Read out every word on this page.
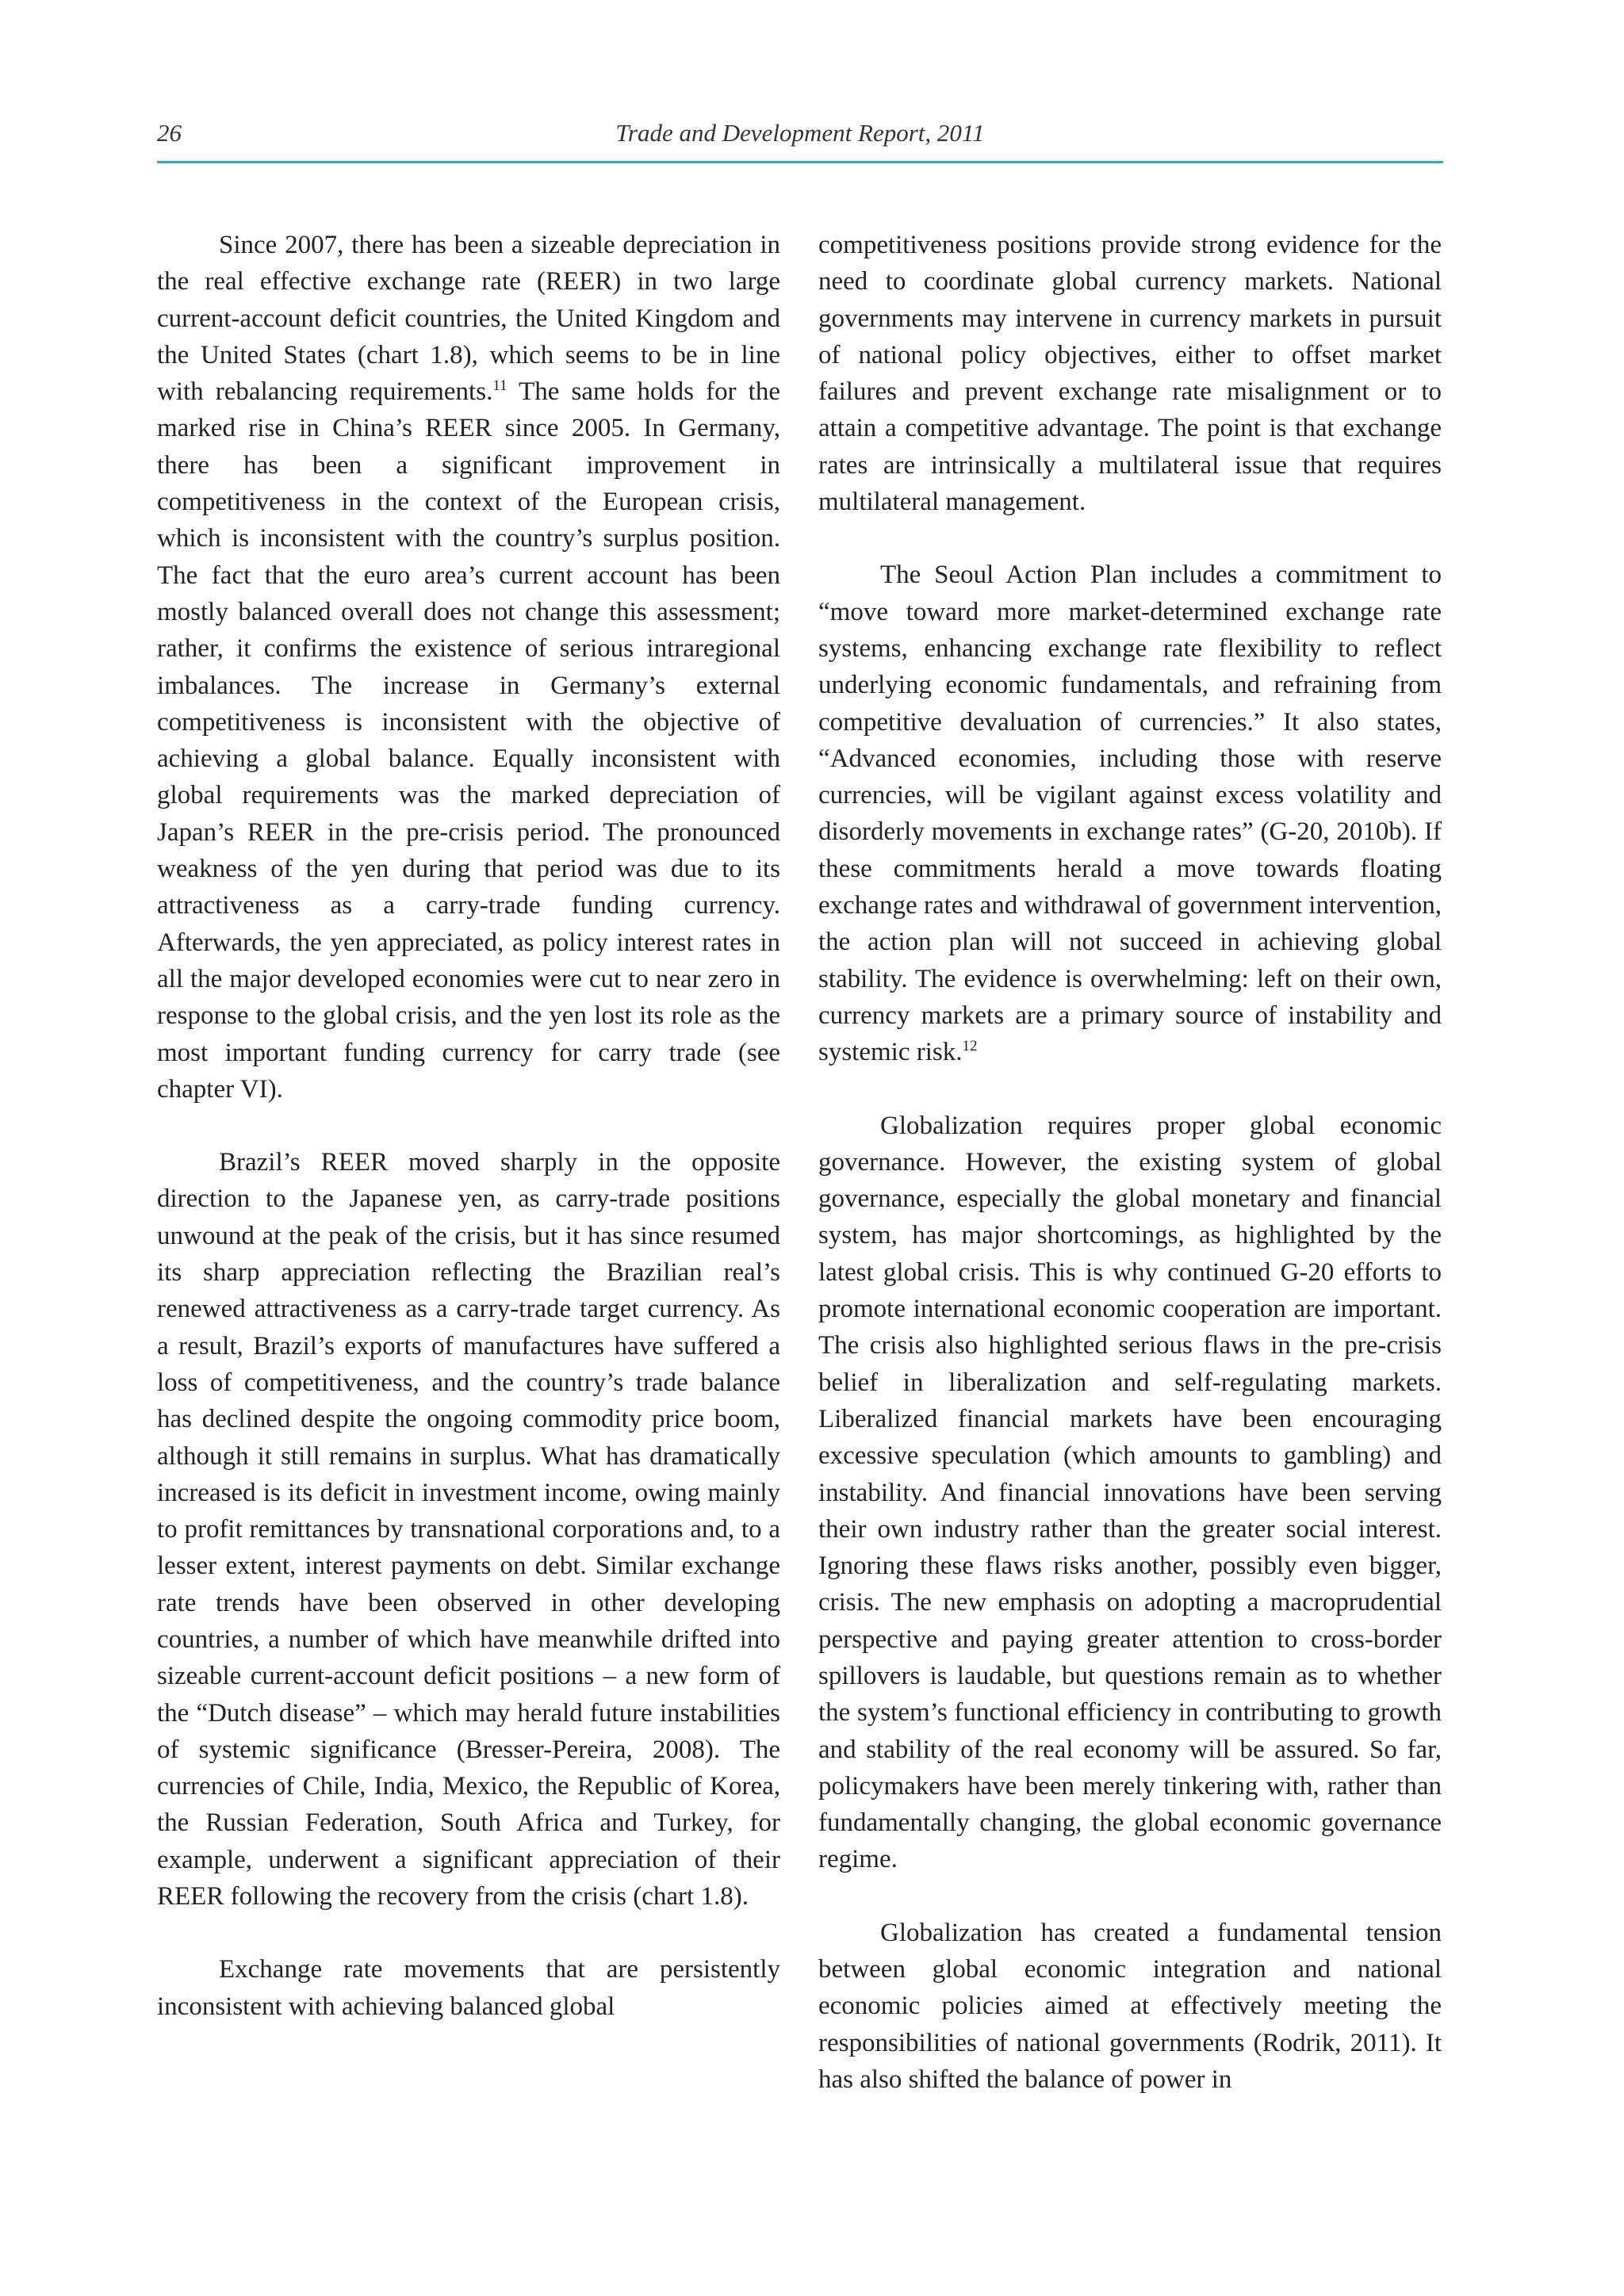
26	Trade and Development Report, 2011

Since 2007, there has been a sizeable depreciation in the real effective exchange rate (REER) in two large current-account deficit countries, the United Kingdom and the United States (chart 1.8), which seems to be in line with rebalancing requirements.$^{11}$ The same holds for the marked rise in China’s REER since 2005. In Germany, there has been a significant improvement in competitiveness in the context of the European crisis, which is inconsistent with the country’s surplus position. The fact that the euro area’s current account has been mostly balanced overall does not change this assessment; rather, it confirms the existence of serious intraregional imbalances. The increase in Germany’s external competitiveness is inconsistent with the objective of achieving a global balance. Equally inconsistent with global requirements was the marked depreciation of Japan’s REER in the pre-crisis period. The pronounced weakness of the yen during that period was due to its attractiveness as a carry-trade funding currency. Afterwards, the yen appreciated, as policy interest rates in all the major developed economies were cut to near zero in response to the global crisis, and the yen lost its role as the most important funding currency for carry trade (see chapter VI).

Brazil’s REER moved sharply in the opposite direction to the Japanese yen, as carry-trade positions unwound at the peak of the crisis, but it has since resumed its sharp appreciation reflecting the Brazilian real’s renewed attractiveness as a carry-trade target currency. As a result, Brazil’s exports of manufactures have suffered a loss of competitiveness, and the country’s trade balance has declined despite the ongoing commodity price boom, although it still remains in surplus. What has dramatically increased is its deficit in investment income, owing mainly to profit remittances by transnational corporations and, to a lesser extent, interest payments on debt. Similar exchange rate trends have been observed in other developing countries, a number of which have meanwhile drifted into sizeable current-account deficit positions – a new form of the “Dutch disease” – which may herald future instabilities of systemic significance (Bresser-Pereira, 2008). The currencies of Chile, India, Mexico, the Republic of Korea, the Russian Federation, South Africa and Turkey, for example, underwent a significant appreciation of their REER following the recovery from the crisis (chart 1.8).

Exchange rate movements that are persistently inconsistent with achieving balanced global

competitiveness positions provide strong evidence for the need to coordinate global currency markets. National governments may intervene in currency markets in pursuit of national policy objectives, either to offset market failures and prevent exchange rate misalignment or to attain a competitive advantage. The point is that exchange rates are intrinsically a multilateral issue that requires multilateral management.

The Seoul Action Plan includes a commitment to “move toward more market-determined exchange rate systems, enhancing exchange rate flexibility to reflect underlying economic fundamentals, and refraining from competitive devaluation of currencies.” It also states, “Advanced economies, including those with reserve currencies, will be vigilant against excess volatility and disorderly movements in exchange rates” (G-20, 2010b). If these commitments herald a move towards floating exchange rates and withdrawal of government intervention, the action plan will not succeed in achieving global stability. The evidence is overwhelming: left on their own, currency markets are a primary source of instability and systemic risk.$^{12}$

Globalization requires proper global economic governance. However, the existing system of global governance, especially the global monetary and financial system, has major shortcomings, as highlighted by the latest global crisis. This is why continued G-20 efforts to promote international economic cooperation are important. The crisis also highlighted serious flaws in the pre-crisis belief in liberalization and self-regulating markets. Liberalized financial markets have been encouraging excessive speculation (which amounts to gambling) and instability. And financial innovations have been serving their own industry rather than the greater social interest. Ignoring these flaws risks another, possibly even bigger, crisis. The new emphasis on adopting a macroprudential perspective and paying greater attention to cross-border spillovers is laudable, but questions remain as to whether the system’s functional efficiency in contributing to growth and stability of the real economy will be assured. So far, policymakers have been merely tinkering with, rather than fundamentally changing, the global economic governance regime.

Globalization has created a fundamental tension between global economic integration and national economic policies aimed at effectively meeting the responsibilities of national governments (Rodrik, 2011). It has also shifted the balance of power in
